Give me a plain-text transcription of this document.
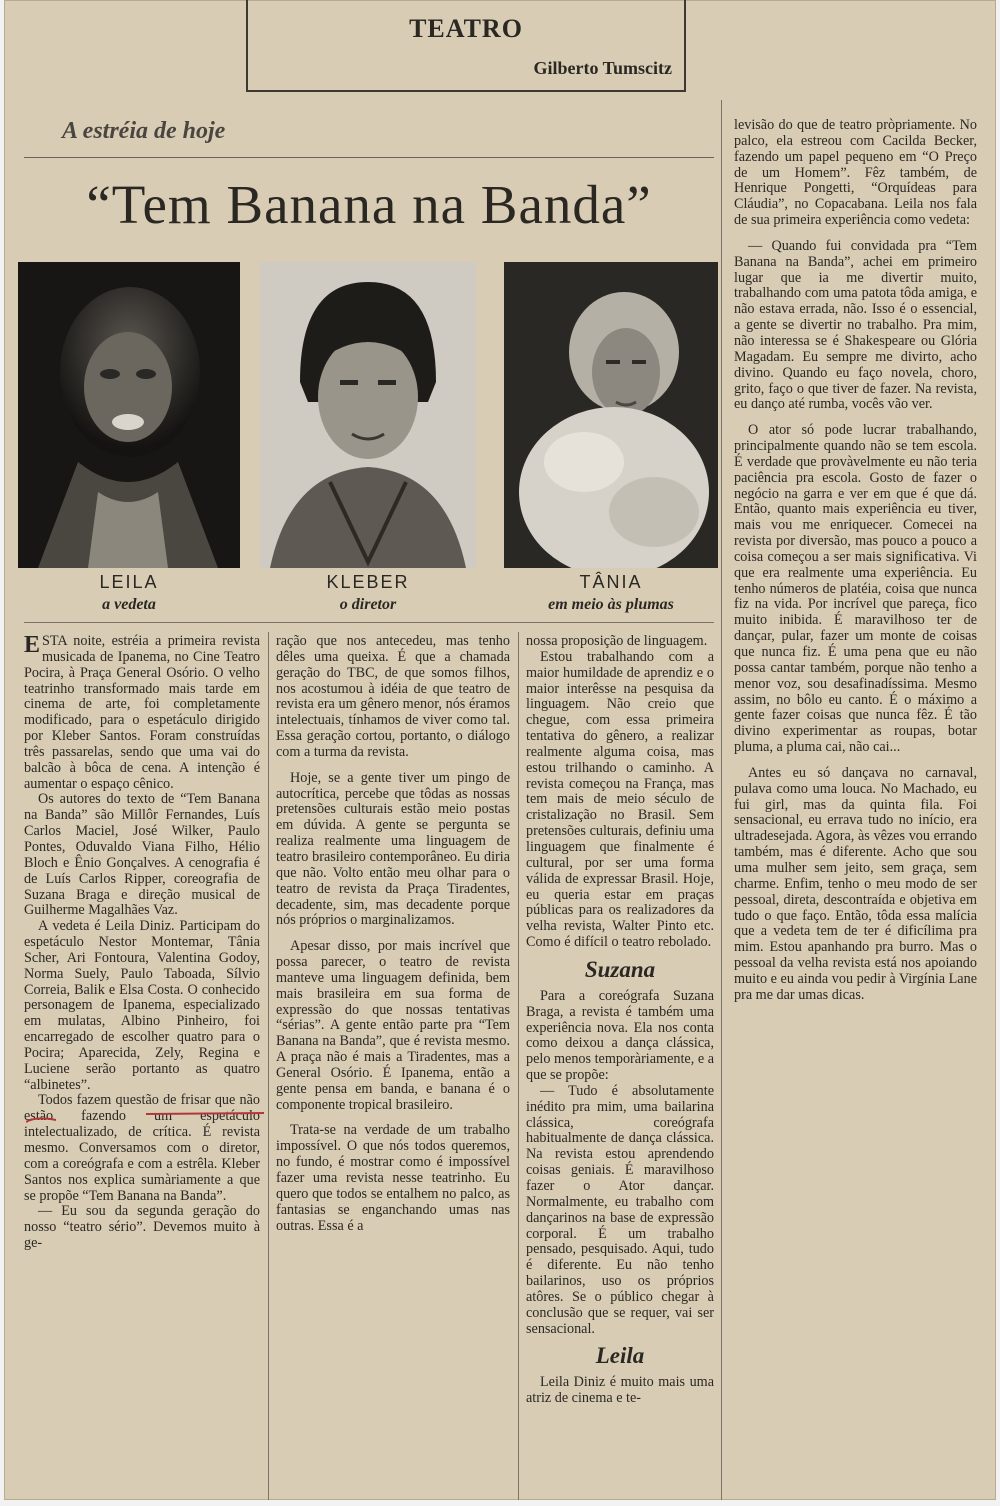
TEATRO
Gilberto Tumscitz
A estréia de hoje
“Tem Banana na Banda”
LEILA
a vedeta
KLEBER
o diretor
TÂNIA
em meio às plumas

ESTA noite, estréia a primeira revista musicada de Ipanema, no Cine Teatro Pocira, à Praça General Osório. O velho teatrinho transformado mais tarde em cinema de arte, foi completamente modificado, para o espetáculo dirigido por Kleber Santos. Foram construídas três passarelas, sendo que uma vai do balcão à bôca de cena. A intenção é aumentar o espaço cênico.

Os autores do texto de “Tem Banana na Banda” são Millôr Fernandes, Luís Carlos Maciel, José Wilker, Paulo Pontes, Oduvaldo Viana Filho, Hélio Bloch e Ênio Gonçalves. A cenografia é de Luís Carlos Ripper, coreografia de Suzana Braga e direção musical de Guilherme Magalhães Vaz.

A vedeta é Leila Diniz. Participam do espetáculo Nestor Montemar, Tânia Scher, Ari Fontoura, Valentina Godoy, Norma Suely, Paulo Taboada, Sílvio Correia, Balik e Elsa Costa. O conhecido personagem de Ipanema, especializado em mulatas, Albino Pinheiro, foi encarregado de escolher quatro para o Pocira; Aparecida, Zely, Regina e Luciene serão portanto as quatro “albinetes”.

Todos fazem questão de frisar que não estão fazendo um espetáculo intelectualizado, de crítica. É revista mesmo. Conversamos com o diretor, com a coreógrafa e com a estrêla. Kleber Santos nos explica sumàriamente a que se propõe “Tem Banana na Banda”.

— Eu sou da segunda geração do nosso “teatro sério”. Devemos muito à ge-

ração que nos antecedeu, mas tenho dêles uma queixa. É que a chamada geração do TBC, de que somos filhos, nos acostumou à idéia de que teatro de revista era um gênero menor, nós éramos intelectuais, tínhamos de viver como tal. Essa geração cortou, portanto, o diálogo com a turma da revista.

Hoje, se a gente tiver um pingo de autocrítica, percebe que tôdas as nossas pretensões culturais estão meio postas em dúvida. A gente se pergunta se realiza realmente uma linguagem de teatro brasileiro contemporâneo. Eu diria que não. Volto então meu olhar para o teatro de revista da Praça Tiradentes, decadente, sim, mas decadente porque nós próprios o marginalizamos.

Apesar disso, por mais incrível que possa parecer, o teatro de revista manteve uma linguagem definida, bem mais brasileira em sua forma de expressão do que nossas tentativas “sérias”. A gente então parte pra “Tem Banana na Banda”, que é revista mesmo. A praça não é mais a Tiradentes, mas a General Osório. É Ipanema, então a gente pensa em banda, e banana é o componente tropical brasileiro.

Trata-se na verdade de um trabalho impossível. O que nós todos queremos, no fundo, é mostrar como é impossível fazer uma revista nesse teatrinho. Eu quero que todos se entalhem no palco, as fantasias se enganchando umas nas outras. Essa é a

nossa proposição de linguagem.

Estou trabalhando com a maior humildade de aprendiz e o maior interêsse na pesquisa da linguagem. Não creio que chegue, com essa primeira tentativa do gênero, a realizar realmente alguma coisa, mas estou trilhando o caminho. A revista começou na França, mas tem mais de meio século de cristalização no Brasil. Sem pretensões culturais, definiu uma linguagem que finalmente é cultural, por ser uma forma válida de expressar Brasil. Hoje, eu queria estar em praças públicas para os realizadores da velha revista, Walter Pinto etc. Como é difícil o teatro rebolado.

Suzana

Para a coreógrafa Suzana Braga, a revista é também uma experiência nova. Ela nos conta como deixou a dança clássica, pelo menos temporàriamente, e a que se propõe:

— Tudo é absolutamente inédito pra mim, uma bailarina clássica, coreógrafa habitualmente de dança clássica. Na revista estou aprendendo coisas geniais. É maravilhoso fazer o Ator dançar. Normalmente, eu trabalho com dançarinos na base de expressão corporal. É um trabalho pensado, pesquisado. Aqui, tudo é diferente. Eu não tenho bailarinos, uso os próprios atôres. Se o público chegar à conclusão que se requer, vai ser sensacional.

Leila

Leila Diniz é muito mais uma atriz de cinema e te-

levisão do que de teatro pròpriamente. No palco, ela estreou com Cacilda Becker, fazendo um papel pequeno em “O Preço de um Homem”. Fêz também, de Henrique Pongetti, “Orquídeas para Cláudia”, no Copacabana. Leila nos fala de sua primeira experiência como vedeta:

— Quando fui convidada pra “Tem Banana na Banda”, achei em primeiro lugar que ia me divertir muito, trabalhando com uma patota tôda amiga, e não estava errada, não. Isso é o essencial, a gente se divertir no trabalho. Pra mim, não interessa se é Shakespeare ou Glória Magadam. Eu sempre me divirto, acho divino. Quando eu faço novela, choro, grito, faço o que tiver de fazer. Na revista, eu danço até rumba, vocês vão ver.

O ator só pode lucrar trabalhando, principalmente quando não se tem escola. É verdade que provàvelmente eu não teria paciência pra escola. Gosto de fazer o negócio na garra e ver em que é que dá. Então, quanto mais experiência eu tiver, mais vou me enriquecer. Comecei na revista por diversão, mas pouco a pouco a coisa começou a ser mais significativa. Vi que era realmente uma experiência. Eu tenho números de platéia, coisa que nunca fiz na vida. Por incrível que pareça, fico muito inibida. É maravilhoso ter de dançar, pular, fazer um monte de coisas que nunca fiz. É uma pena que eu não possa cantar também, porque não tenho a menor voz, sou desafinadíssima. Mesmo assim, no bôlo eu canto. É o máximo a gente fazer coisas que nunca fêz. É tão divino experimentar as roupas, botar pluma, a pluma cai, não cai...

Antes eu só dançava no carnaval, pulava como uma louca. No Machado, eu fui girl, mas da quinta fila. Foi sensacional, eu errava tudo no início, era ultradesejada. Agora, às vêzes vou errando também, mas é diferente. Acho que sou uma mulher sem jeito, sem graça, sem charme. Enfim, tenho o meu modo de ser pessoal, direta, descontraída e objetiva em tudo o que faço. Então, tôda essa malícia que a vedeta tem de ter é dificílima pra mim. Estou apanhando pra burro. Mas o pessoal da velha revista está nos apoiando muito e eu ainda vou pedir à Virgínia Lane pra me dar umas dicas.
